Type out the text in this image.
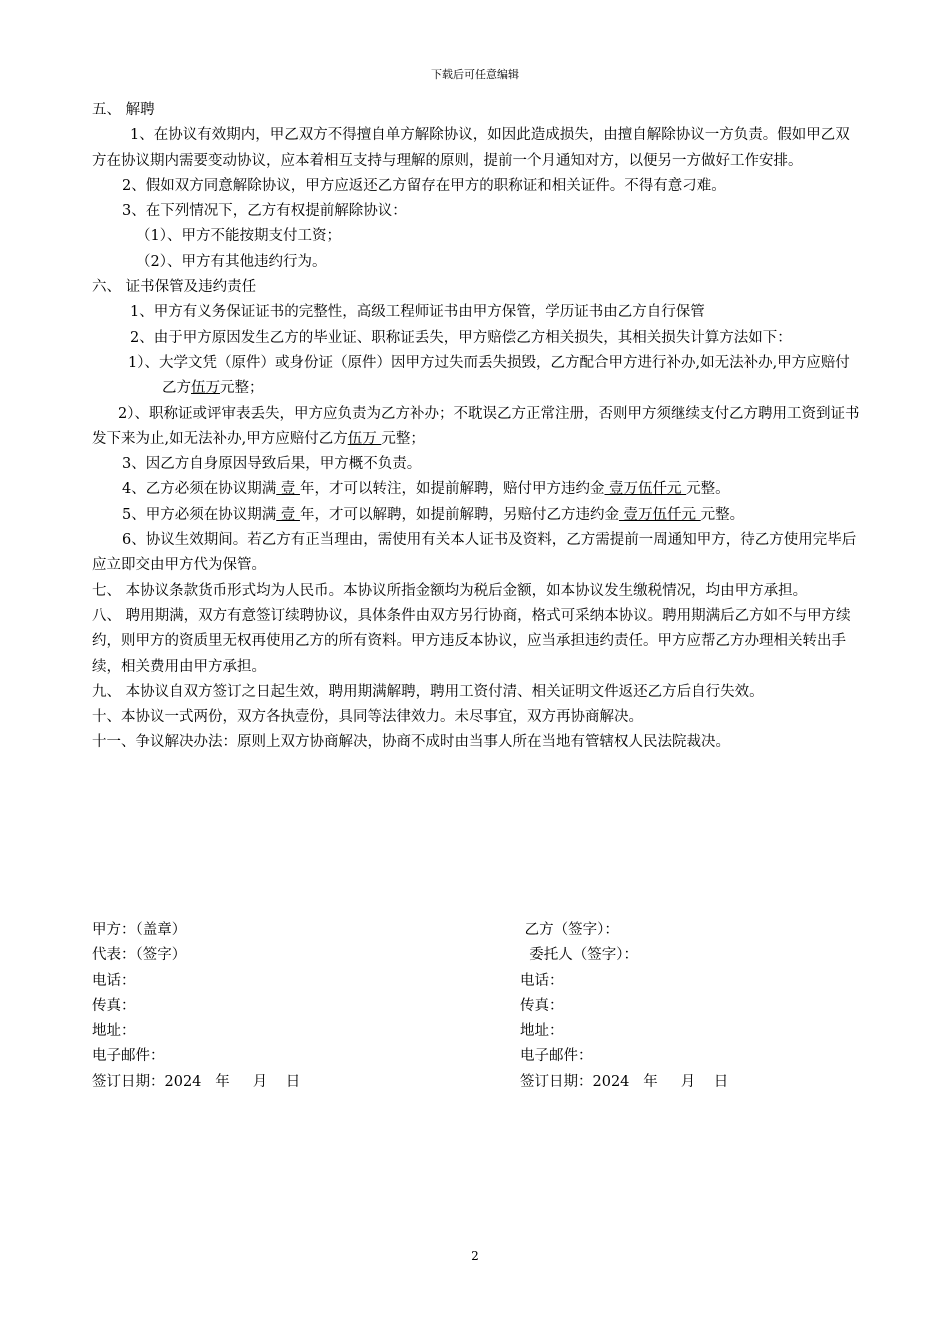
下载后可任意编辑

五、 解聘

1、在协议有效期内，甲乙双方不得擅自单方解除协议，如因此造成损失，由擅自解除协议一方负责。假如甲乙双方在协议期内需要变动协议，应本着相互支持与理解的原则，提前一个月通知对方，以便另一方做好工作安排。

2、假如双方同意解除协议，甲方应返还乙方留存在甲方的职称证和相关证件。不得有意刁难。

3、在下列情况下，乙方有权提前解除协议：

（1）、甲方不能按期支付工资；

（2）、甲方有其他违约行为。

六、 证书保管及违约责任

1、甲方有义务保证证书的完整性，高级工程师证书由甲方保管，学历证书由乙方自行保管

2、由于甲方原因发生乙方的毕业证、职称证丢失，甲方赔偿乙方相关损失，其相关损失计算方法如下：

1）、大学文凭（原件）或身份证（原件）因甲方过失而丢失损毁，乙方配合甲方进行补办,如无法补办,甲方应赔付乙方伍万元整；

2）、职称证或评审表丢失，甲方应负责为乙方补办；不耽误乙方正常注册，否则甲方须继续支付乙方聘用工资到证书发下来为止,如无法补办,甲方应赔付乙方伍万 元整；

3、因乙方自身原因导致后果，甲方概不负责。

4、乙方必须在协议期满 壹 年，才可以转注，如提前解聘，赔付甲方违约金 壹万伍仟元 元整。

5、甲方必须在协议期满 壹 年，才可以解聘，如提前解聘，另赔付乙方违约金 壹万伍仟元 元整。

6、协议生效期间。若乙方有正当理由，需使用有关本人证书及资料，乙方需提前一周通知甲方，待乙方使用完毕后应立即交由甲方代为保管。

七、 本协议条款货币形式均为人民币。本协议所指金额均为税后金额，如本协议发生缴税情况，均由甲方承担。

八、 聘用期满，双方有意签订续聘协议，具体条件由双方另行协商，格式可采纳本协议。聘用期满后乙方如不与甲方续约，则甲方的资质里无权再使用乙方的所有资料。甲方违反本协议，应当承担违约责任。甲方应帮乙方办理相关转出手续，相关费用由甲方承担。

九、 本协议自双方签订之日起生效，聘用期满解聘，聘用工资付清、相关证明文件返还乙方后自行失效。

十、本协议一式两份，双方各执壹份，具同等法律效力。未尽事宜，双方再协商解决。

十一、争议解决办法：原则上双方协商解决，协商不成时由当事人所在当地有管辖权人民法院裁决。

甲方：（盖章）
代表：（签字）
电话：
传真：
地址：
电子邮件：
签订日期：2024   年     月    日
乙方（签字）：
委托人（签字）：
电话：
传真：
地址：
电子邮件：
签订日期：2024   年     月    日
2
